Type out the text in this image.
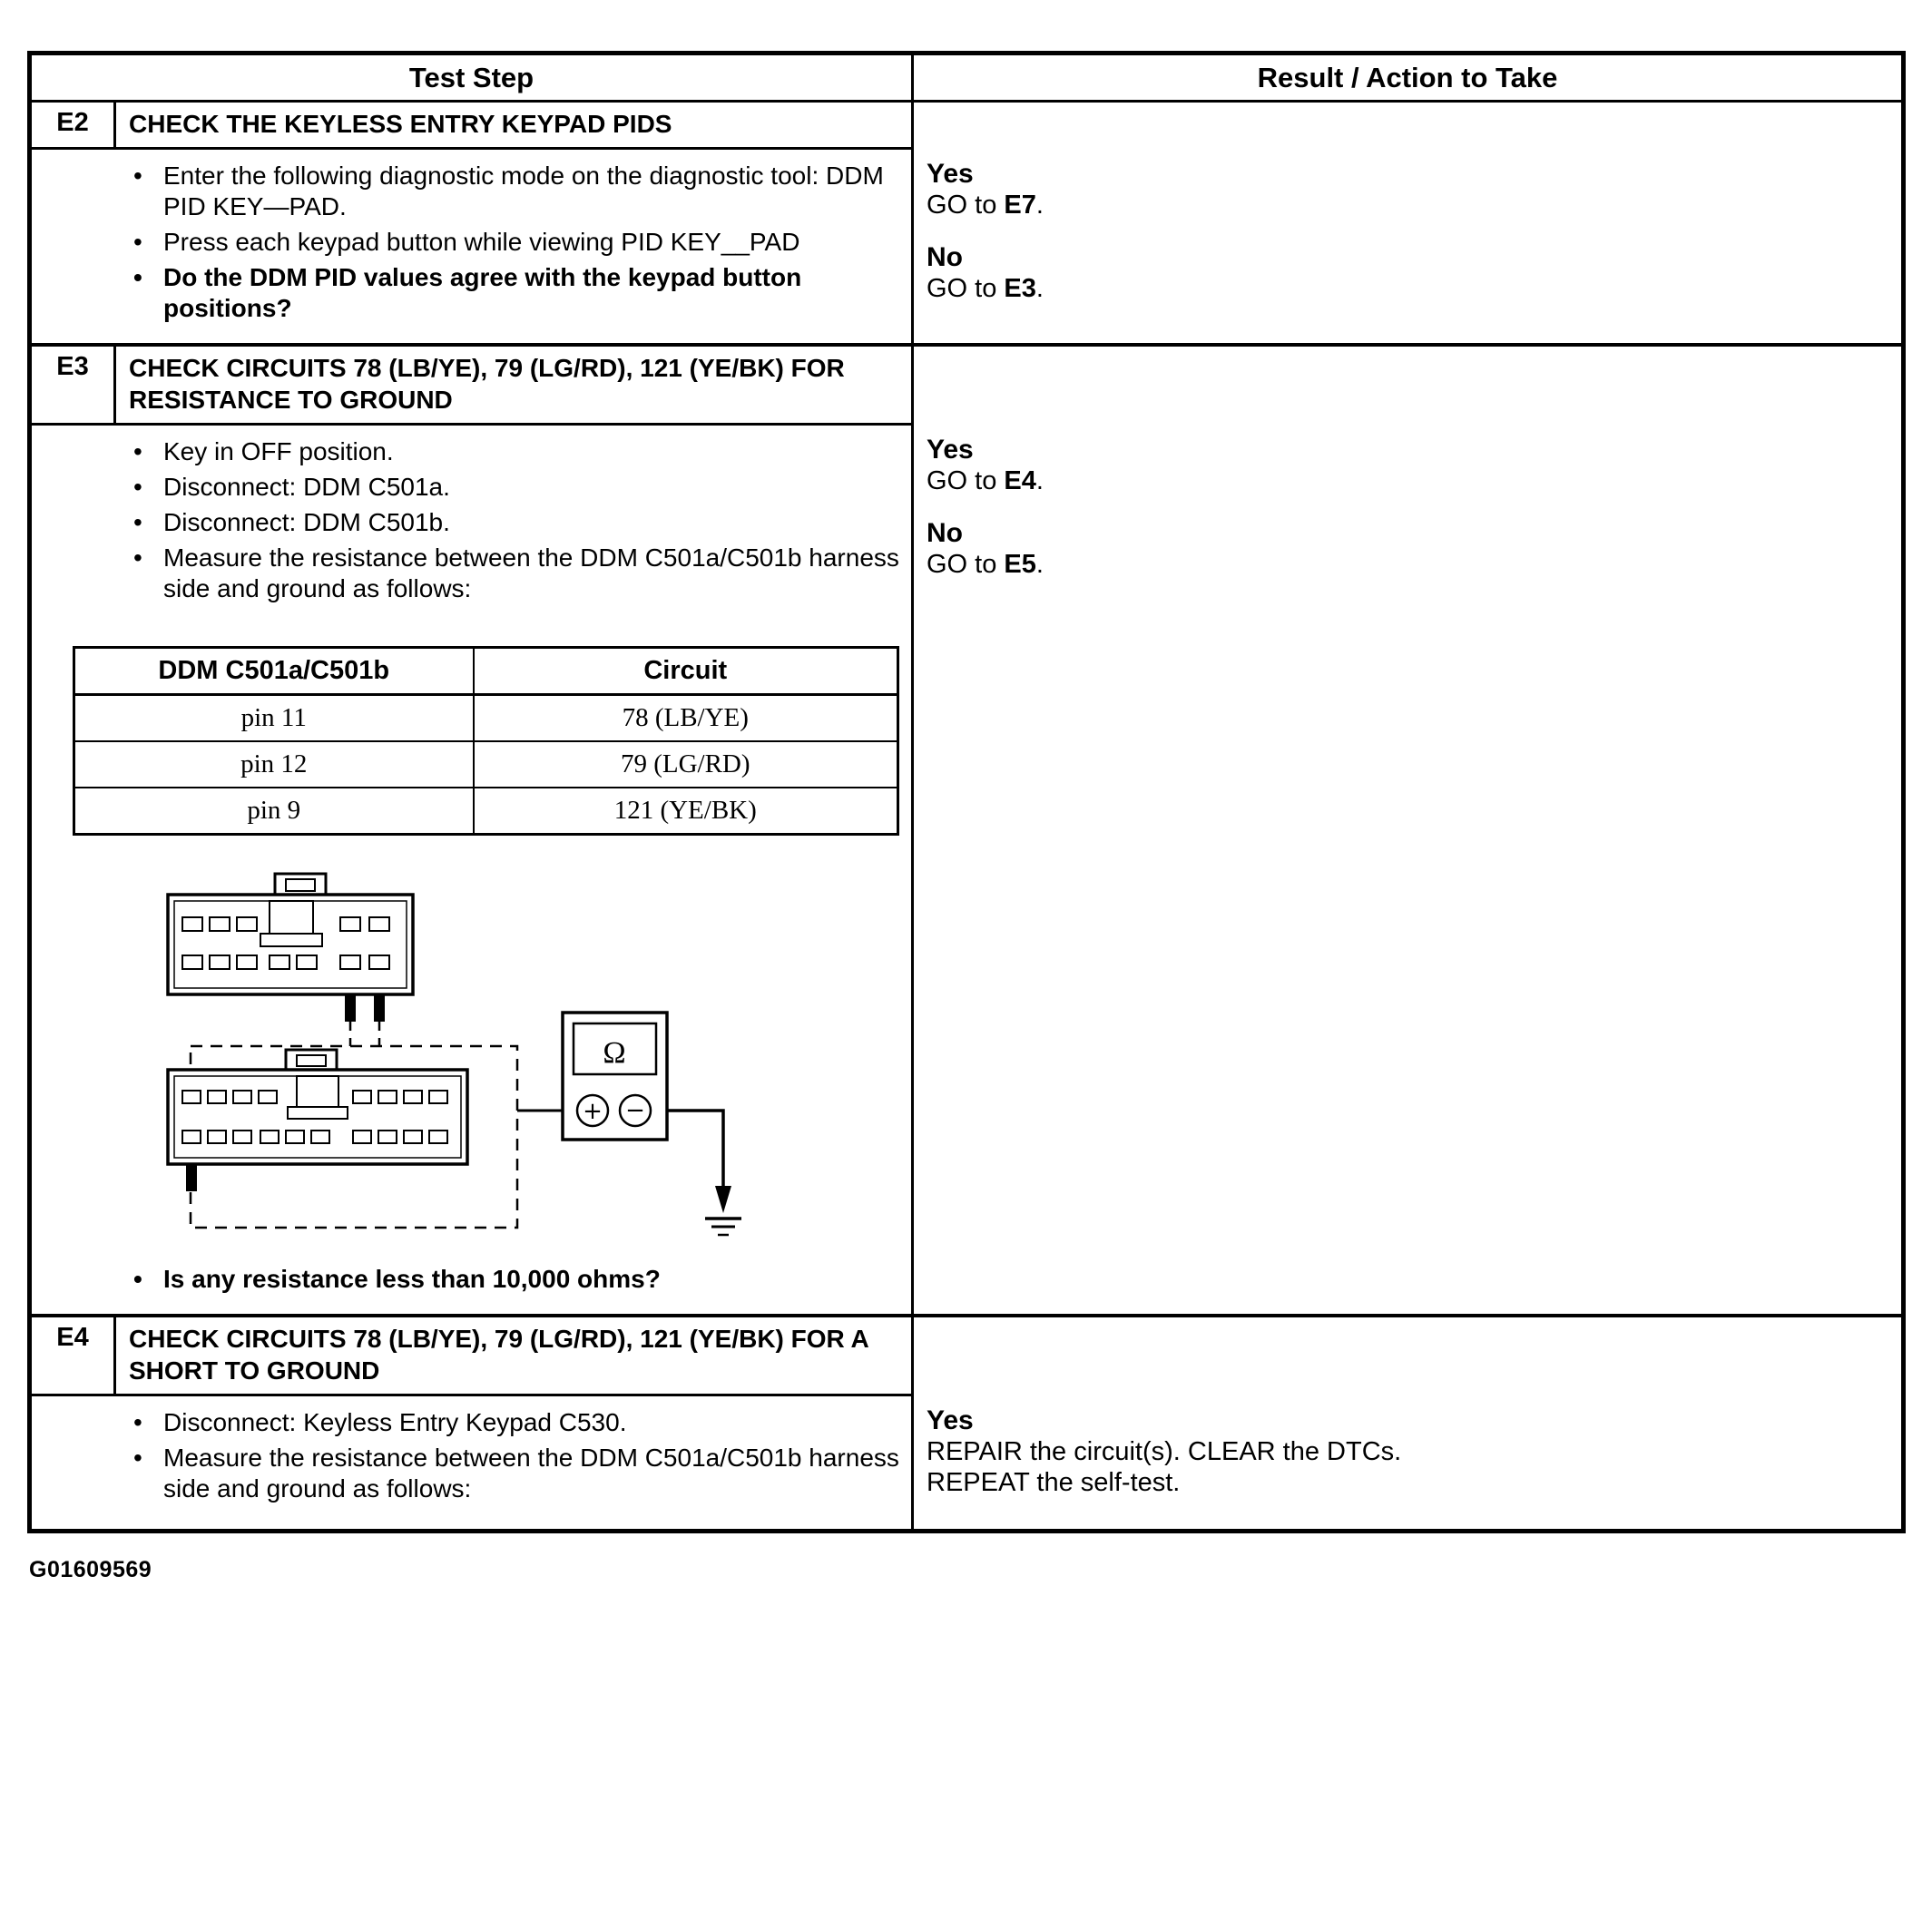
Test Step	Result / Action to Take
E2	CHECK THE KEYLESS ENTRY KEYPAD PIDS
• Enter the following diagnostic mode on the diagnostic tool: DDM PID KEY—PAD.
• Press each keypad button while viewing PID KEY__PAD
• Do the DDM PID values agree with the keypad button positions?
Yes
GO to E7.
No
GO to E3.
E3	CHECK CIRCUITS 78 (LB/YE), 79 (LG/RD), 121 (YE/BK) FOR RESISTANCE TO GROUND
• Key in OFF position.
• Disconnect: DDM C501a.
• Disconnect: DDM C501b.
• Measure the resistance between the DDM C501a/C501b harness side and ground as follows:
DDM C501a/C501b	Circuit
pin 11	78 (LB/YE)
pin 12	79 (LG/RD)
pin 9	121 (YE/BK)
Ω
+ −
• Is any resistance less than 10,000 ohms?
Yes
GO to E4.
No
GO to E5.
E4	CHECK CIRCUITS 78 (LB/YE), 79 (LG/RD), 121 (YE/BK) FOR A SHORT TO GROUND
• Disconnect: Keyless Entry Keypad C530.
• Measure the resistance between the DDM C501a/C501b harness side and ground as follows:
Yes
REPAIR the circuit(s). CLEAR the DTCs.
REPEAT the self-test.
G01609569
